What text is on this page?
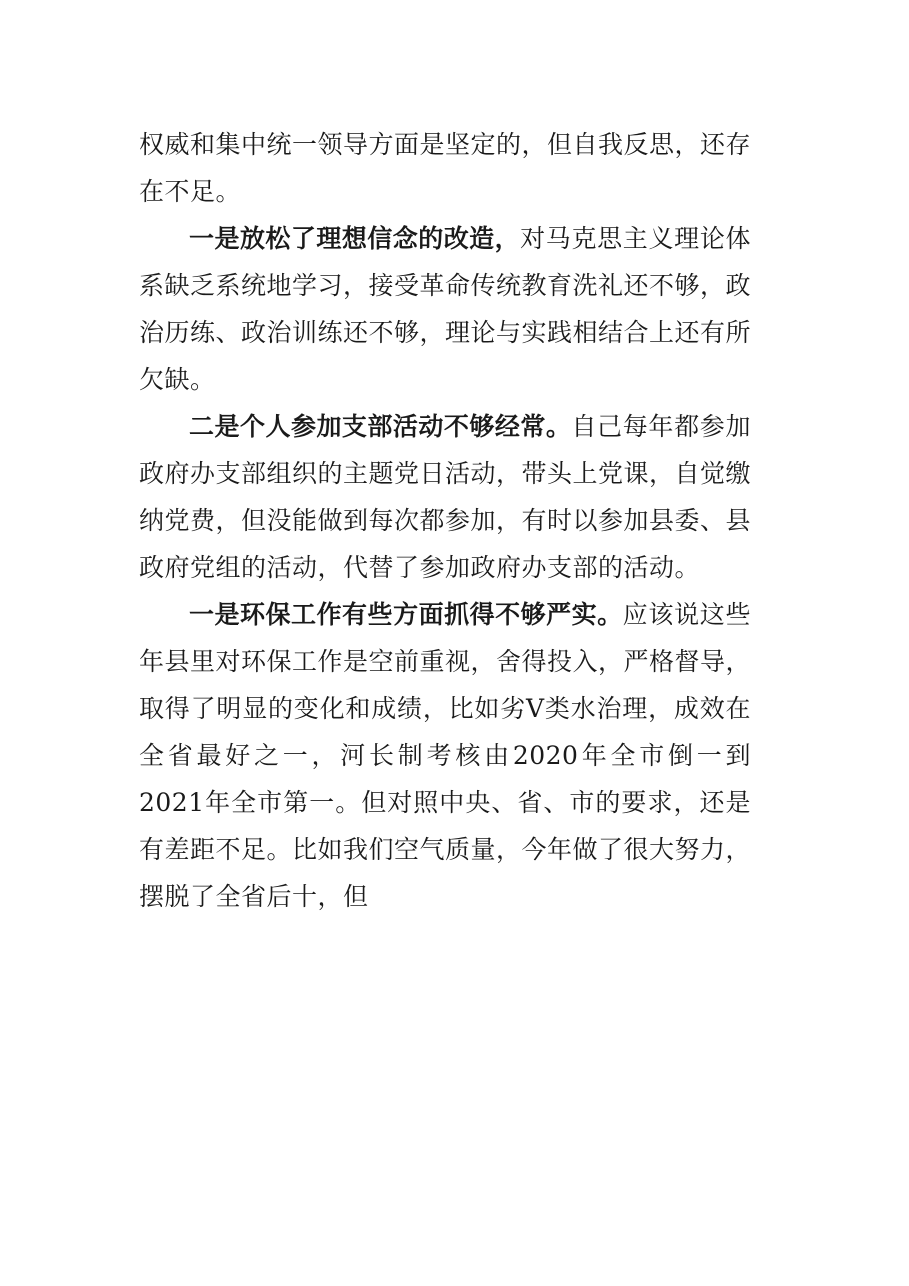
权威和集中统一领导方面是坚定的，但自我反思，还存在不足。

一是放松了理想信念的改造，对马克思主义理论体系缺乏系统地学习，接受革命传统教育洗礼还不够，政治历练、政治训练还不够，理论与实践相结合上还有所欠缺。

二是个人参加支部活动不够经常。自己每年都参加政府办支部组织的主题党日活动，带头上党课，自觉缴纳党费，但没能做到每次都参加，有时以参加县委、县政府党组的活动，代替了参加政府办支部的活动。

一是环保工作有些方面抓得不够严实。应该说这些年县里对环保工作是空前重视，舍得投入，严格督导，取得了明显的变化和成绩，比如劣Ⅴ类水治理，成效在全省最好之一，河长制考核由2020年全市倒一到2021年全市第一。但对照中央、省、市的要求，还是有差距不足。比如我们空气质量，今年做了很大努力，摆脱了全省后十，但
